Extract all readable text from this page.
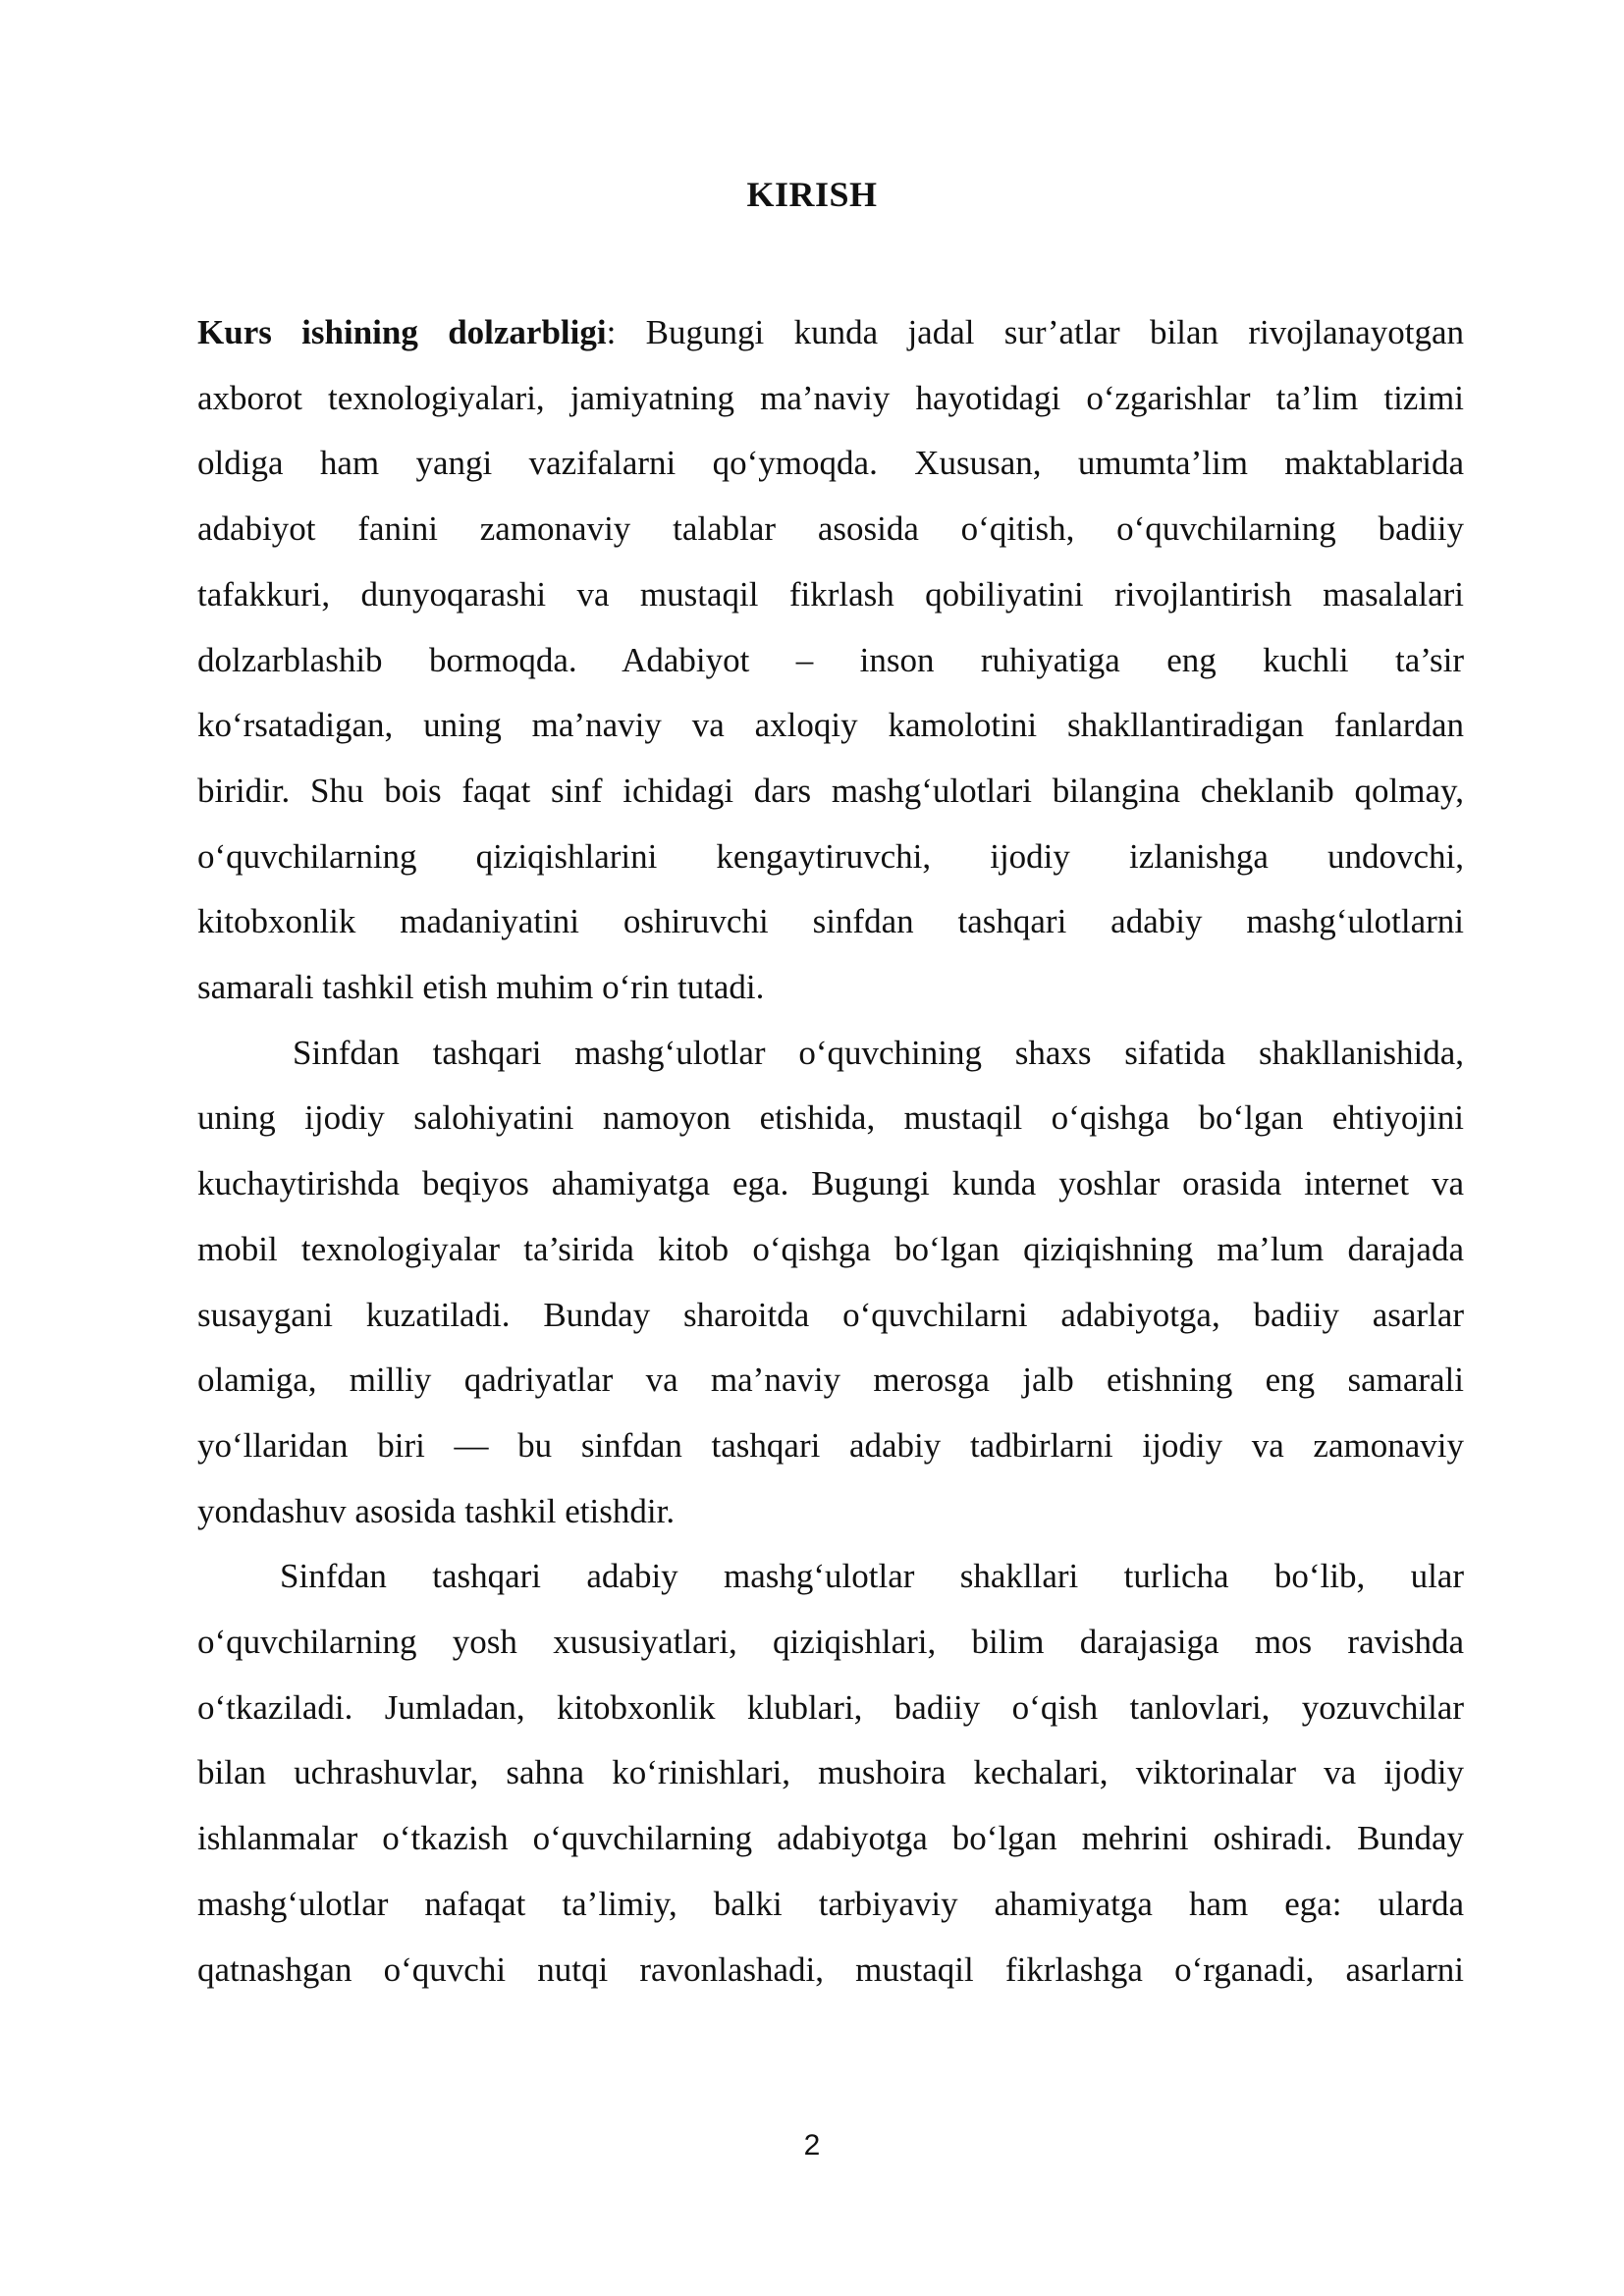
KIRISH
Kurs ishining dolzarbligi: Bugungi kunda jadal sur’atlar bilan rivojlanayotgan
axborot texnologiyalari, jamiyatning ma’naviy hayotidagi o‘zgarishlar ta’lim tizimi
oldiga ham yangi vazifalarni qo‘ymoqda. Xususan, umumta’lim maktablarida
adabiyot fanini zamonaviy talablar asosida o‘qitish, o‘quvchilarning badiiy
tafakkuri, dunyoqarashi va mustaqil fikrlash qobiliyatini rivojlantirish masalalari
dolzarblashib bormoqda. Adabiyot – inson ruhiyatiga eng kuchli ta’sir
ko‘rsatadigan, uning ma’naviy va axloqiy kamolotini shakllantiradigan fanlardan
biridir. Shu bois faqat sinf ichidagi dars mashg‘ulotlari bilangina cheklanib qolmay,
o‘quvchilarning qiziqishlarini kengaytiruvchi, ijodiy izlanishga undovchi,
kitobxonlik madaniyatini oshiruvchi sinfdan tashqari adabiy mashg‘ulotlarni
samarali tashkil etish muhim o‘rin tutadi.
Sinfdan tashqari mashg‘ulotlar o‘quvchining shaxs sifatida shakllanishida,
uning ijodiy salohiyatini namoyon etishida, mustaqil o‘qishga bo‘lgan ehtiyojini
kuchaytirishda beqiyos ahamiyatga ega. Bugungi kunda yoshlar orasida internet va
mobil texnologiyalar ta’sirida kitob o‘qishga bo‘lgan qiziqishning ma’lum darajada
susaygani kuzatiladi. Bunday sharoitda o‘quvchilarni adabiyotga, badiiy asarlar
olamiga, milliy qadriyatlar va ma’naviy merosga jalb etishning eng samarali
yo‘llaridan biri — bu sinfdan tashqari adabiy tadbirlarni ijodiy va zamonaviy
yondashuv asosida tashkil etishdir.
Sinfdan tashqari adabiy mashg‘ulotlar shakllari turlicha bo‘lib, ular
o‘quvchilarning yosh xususiyatlari, qiziqishlari, bilim darajasiga mos ravishda
o‘tkaziladi. Jumladan, kitobxonlik klublari, badiiy o‘qish tanlovlari, yozuvchilar
bilan uchrashuvlar, sahna ko‘rinishlari, mushoira kechalari, viktorinalar va ijodiy
ishlanmalar o‘tkazish o‘quvchilarning adabiyotga bo‘lgan mehrini oshiradi. Bunday
mashg‘ulotlar nafaqat ta’limiy, balki tarbiyaviy ahamiyatga ham ega: ularda
qatnashgan o‘quvchi nutqi ravonlashadi, mustaqil fikrlashga o‘rganadi, asarlarni
2
